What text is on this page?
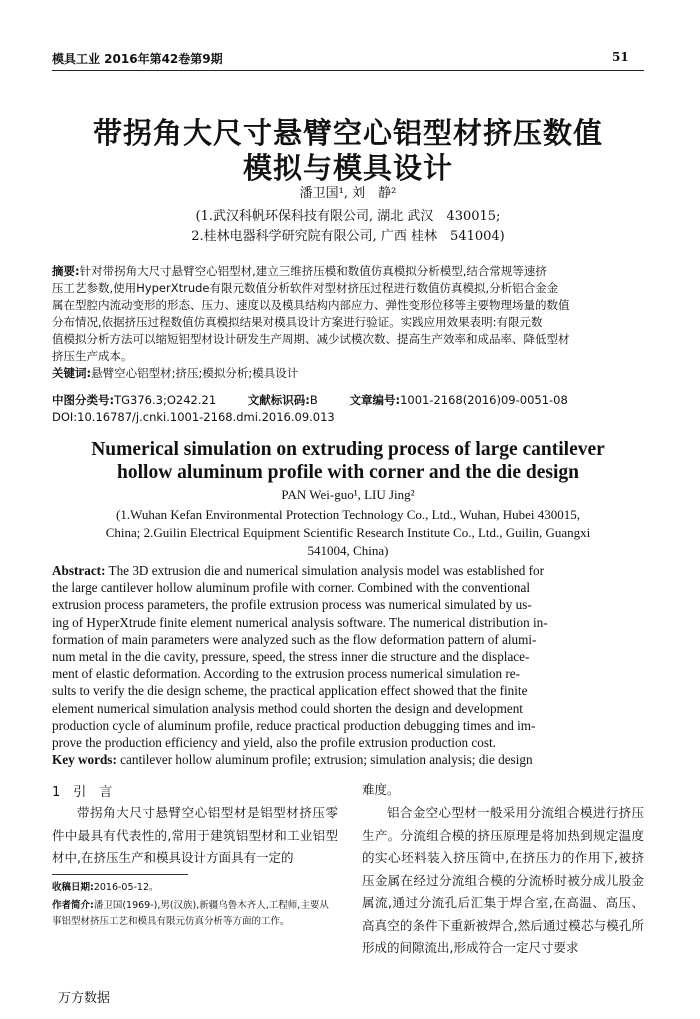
模具工业 2016年第42卷第9期	51
带拐角大尺寸悬臂空心铝型材挤压数值
模拟与模具设计
潘卫国¹, 刘　静²
(1.武汉科帆环保科技有限公司, 湖北 武汉　430015;
2.桂林电器科学研究院有限公司, 广西 桂林　541004)
摘要:针对带拐角大尺寸悬臂空心铝型材,建立三维挤压模和数值仿真模拟分析模型,结合常规等速挤
压工艺参数,使用HyperXtrude有限元数值分析软件对型材挤压过程进行数值仿真模拟,分析铝合金金
属在型腔内流动变形的形态、压力、速度以及模具结构内部应力、弹性变形位移等主要物理场量的数值
分布情况,依据挤压过程数值仿真模拟结果对模具设计方案进行验证。实践应用效果表明:有限元数
值模拟分析方法可以缩短铝型材设计研发生产周期、减少试模次数、提高生产效率和成品率、降低型材
挤压生产成本。
关键词:悬臂空心铝型材;挤压;模拟分析;模具设计
中图分类号:TG376.3;O242.21	文献标识码:B	文章编号:1001-2168(2016)09-0051-08
DOI:10.16787/j.cnki.1001-2168.dmi.2016.09.013
Numerical simulation on extruding process of large cantilever
hollow aluminum profile with corner and the die design
PAN Wei-guo¹, LIU Jing²
(1.Wuhan Kefan Environmental Protection Technology Co., Ltd., Wuhan, Hubei 430015,
China; 2.Guilin Electrical Equipment Scientific Research Institute Co., Ltd., Guilin, Guangxi
541004, China)
Abstract: The 3D extrusion die and numerical simulation analysis model was established for
the large cantilever hollow aluminum profile with corner. Combined with the conventional
extrusion process parameters, the profile extrusion process was numerical simulated by us-
ing of HyperXtrude finite element numerical analysis software. The numerical distribution in-
formation of main parameters were analyzed such as the flow deformation pattern of alumi-
num metal in the die cavity, pressure, speed, the stress inner die structure and the displace-
ment of elastic deformation. According to the extrusion process numerical simulation re-
sults to verify the die design scheme, the practical application effect showed that the finite
element numerical simulation analysis method could shorten the design and development
production cycle of aluminum profile, reduce practical production debugging times and im-
prove the production efficiency and yield, also the profile extrusion production cost.
Key words: cantilever hollow aluminum profile; extrusion; simulation analysis; die design
1　引　言
带拐角大尺寸悬臂空心铝型材是铝型材挤压零件中最具有代表性的,常用于建筑铝型材和工业铝型材中,在挤压生产和模具设计方面具有一定的
难度。
铝合金空心型材一般采用分流组合模进行挤压生产。分流组合模的挤压原理是将加热到规定温度的实心坯料装入挤压筒中,在挤压力的作用下,被挤压金属在经过分流组合模的分流桥时被分成儿股金属流,通过分流孔后汇集于焊合室,在高温、高压、高真空的条件下重新被焊合,然后通过模芯与模孔所形成的间隙流出,形成符合一定尺寸要求
收稿日期:2016-05-12。
作者简介:潘卫国(1969-),男(汉族),新疆乌鲁木齐人,工程师,主要从事铝型材挤压工艺和模具有限元仿真分析等方面的工作。
万方数据
